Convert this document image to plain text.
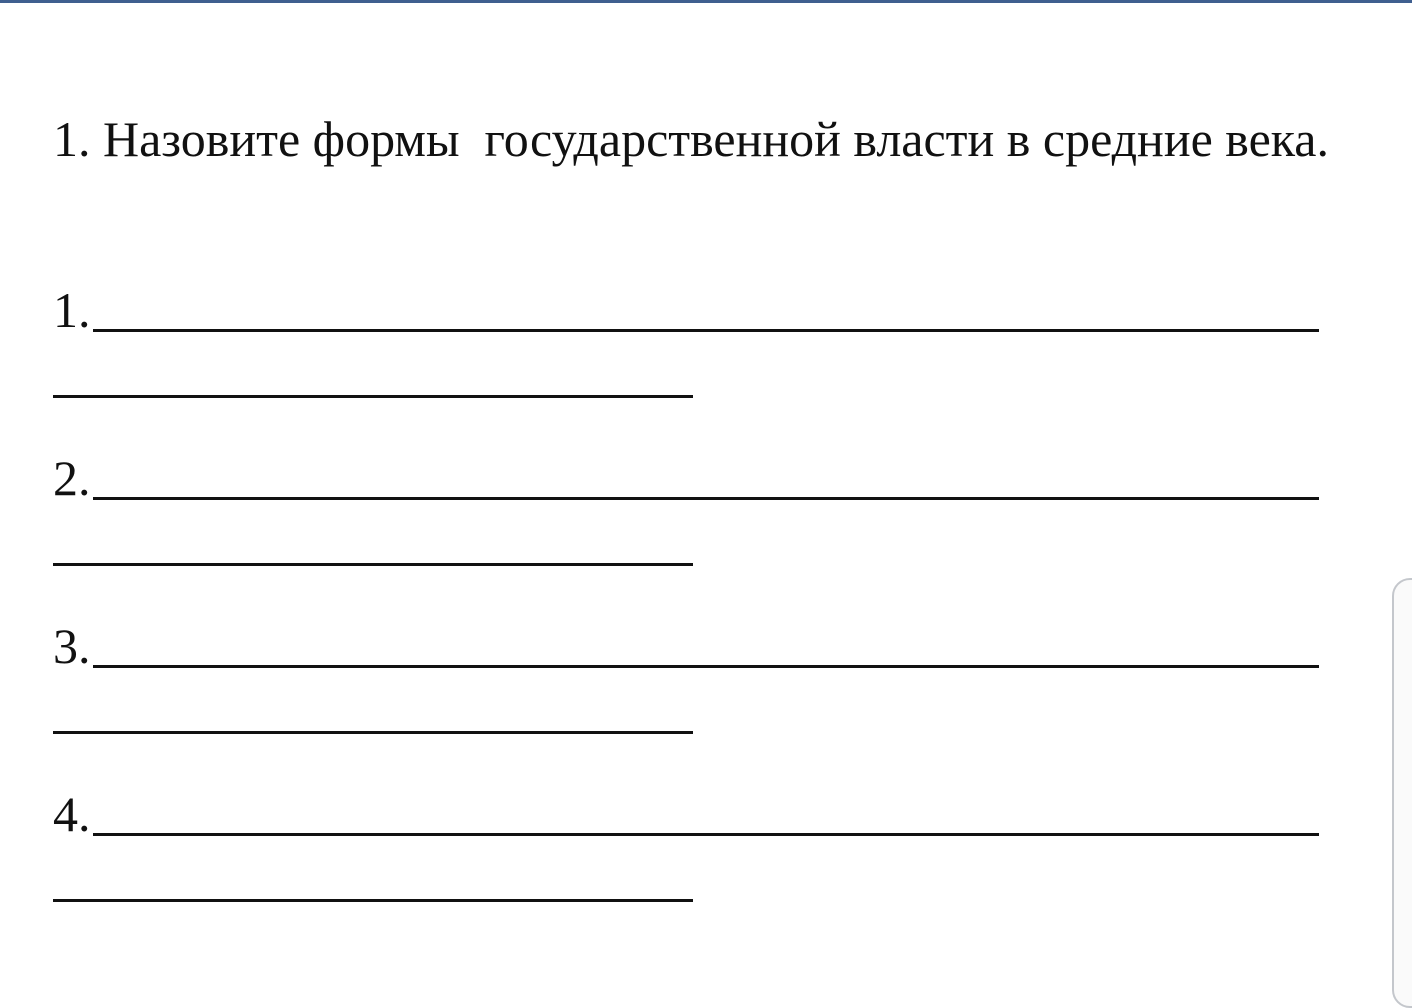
1. Назовите формы  государственной власти в средние века.

1.
2.
3.
4.
